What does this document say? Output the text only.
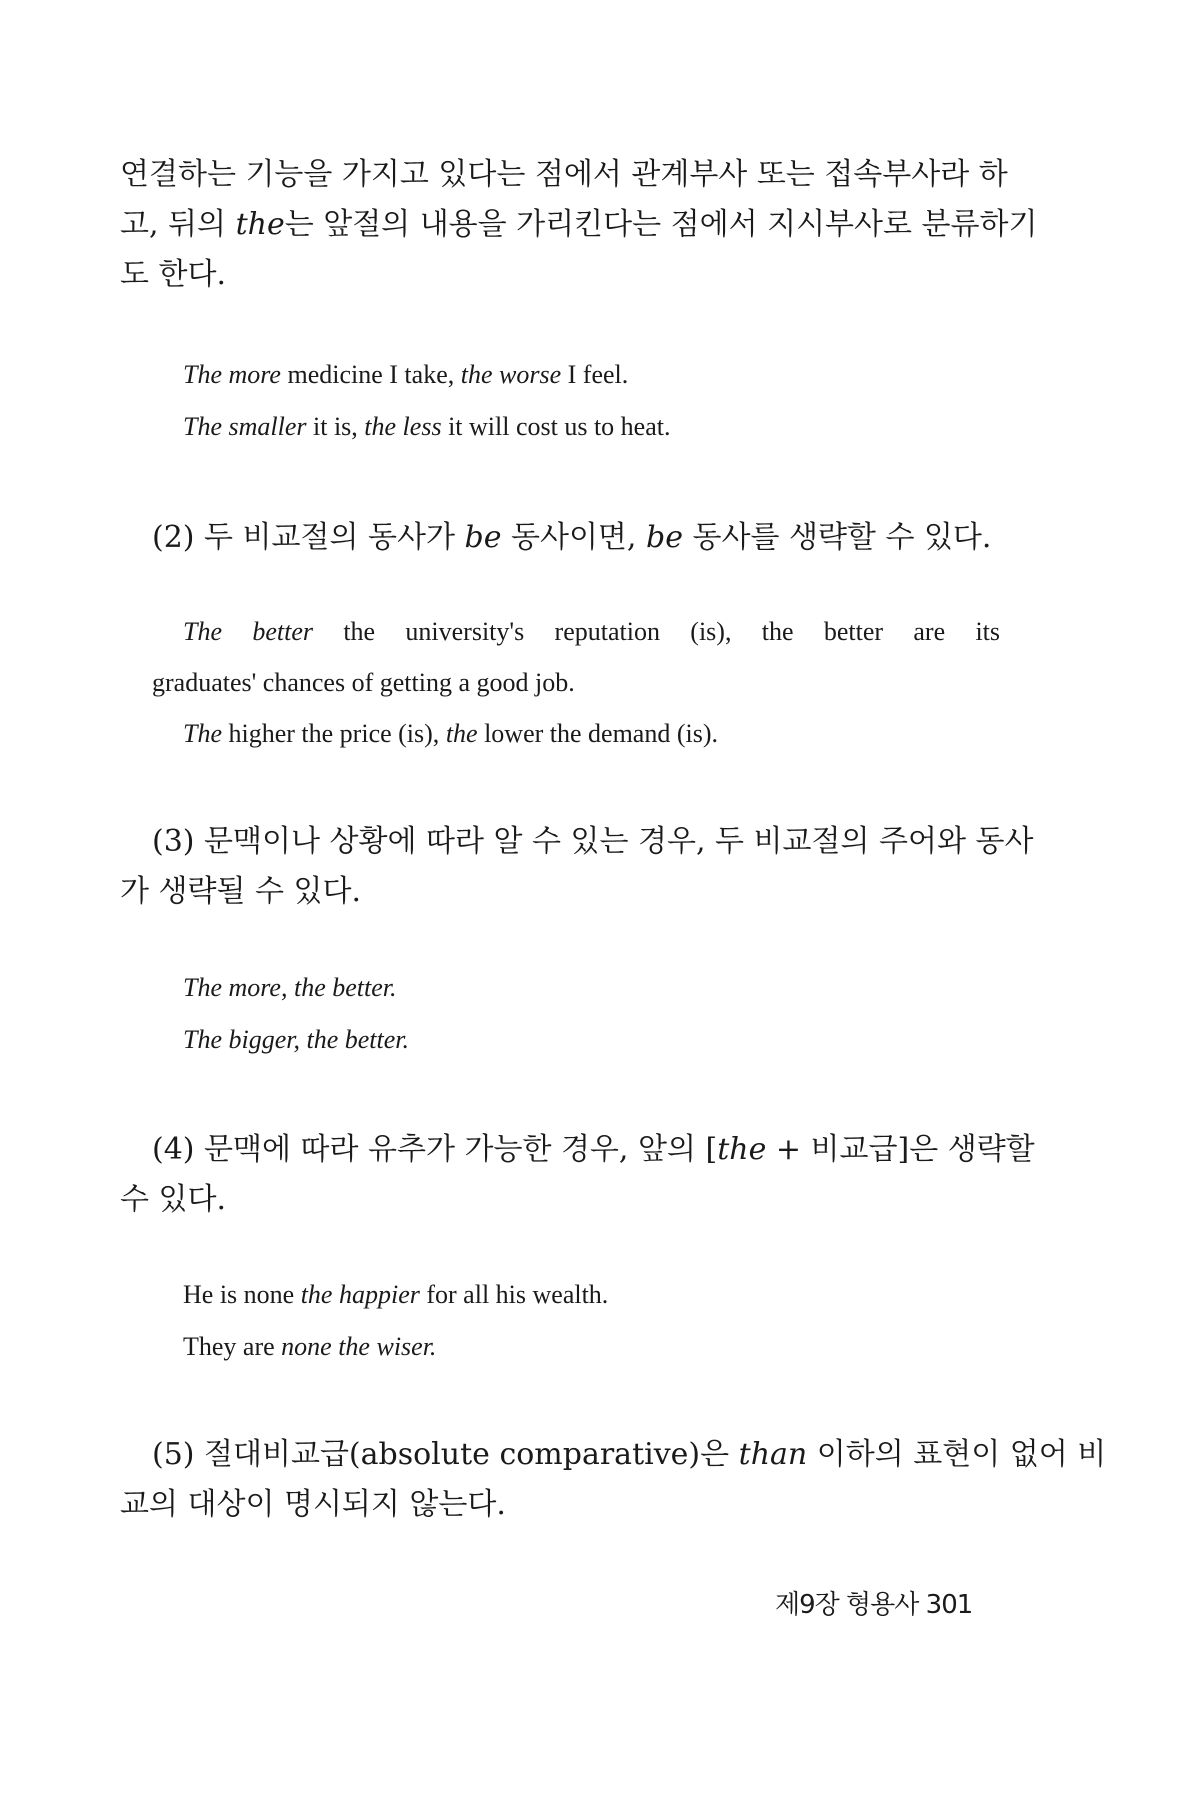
연결하는 기능을 가지고 있다는 점에서 관계부사 또는 접속부사라 하
고, 뒤의 the는 앞절의 내용을 가리킨다는 점에서 지시부사로 분류하기
도 한다.

The more medicine I take, the worse I feel.

The smaller it is, the less it will cost us to heat.

(2) 두 비교절의 동사가 be 동사이면, be 동사를 생략할 수 있다.

The better the university's reputation (is), the better are its

graduates' chances of getting a good job.

The higher the price (is), the lower the demand (is).

(3) 문맥이나 상황에 따라 알 수 있는 경우, 두 비교절의 주어와 동사
가 생략될 수 있다.

The more, the better.

The bigger, the better.

(4) 문맥에 따라 유추가 가능한 경우, 앞의 [the + 비교급]은 생략할
수 있다.

He is none the happier for all his wealth.

They are none the wiser.

(5) 절대비교급(absolute comparative)은 than 이하의 표현이 없어 비
교의 대상이 명시되지 않는다.
제9장 형용사 301
